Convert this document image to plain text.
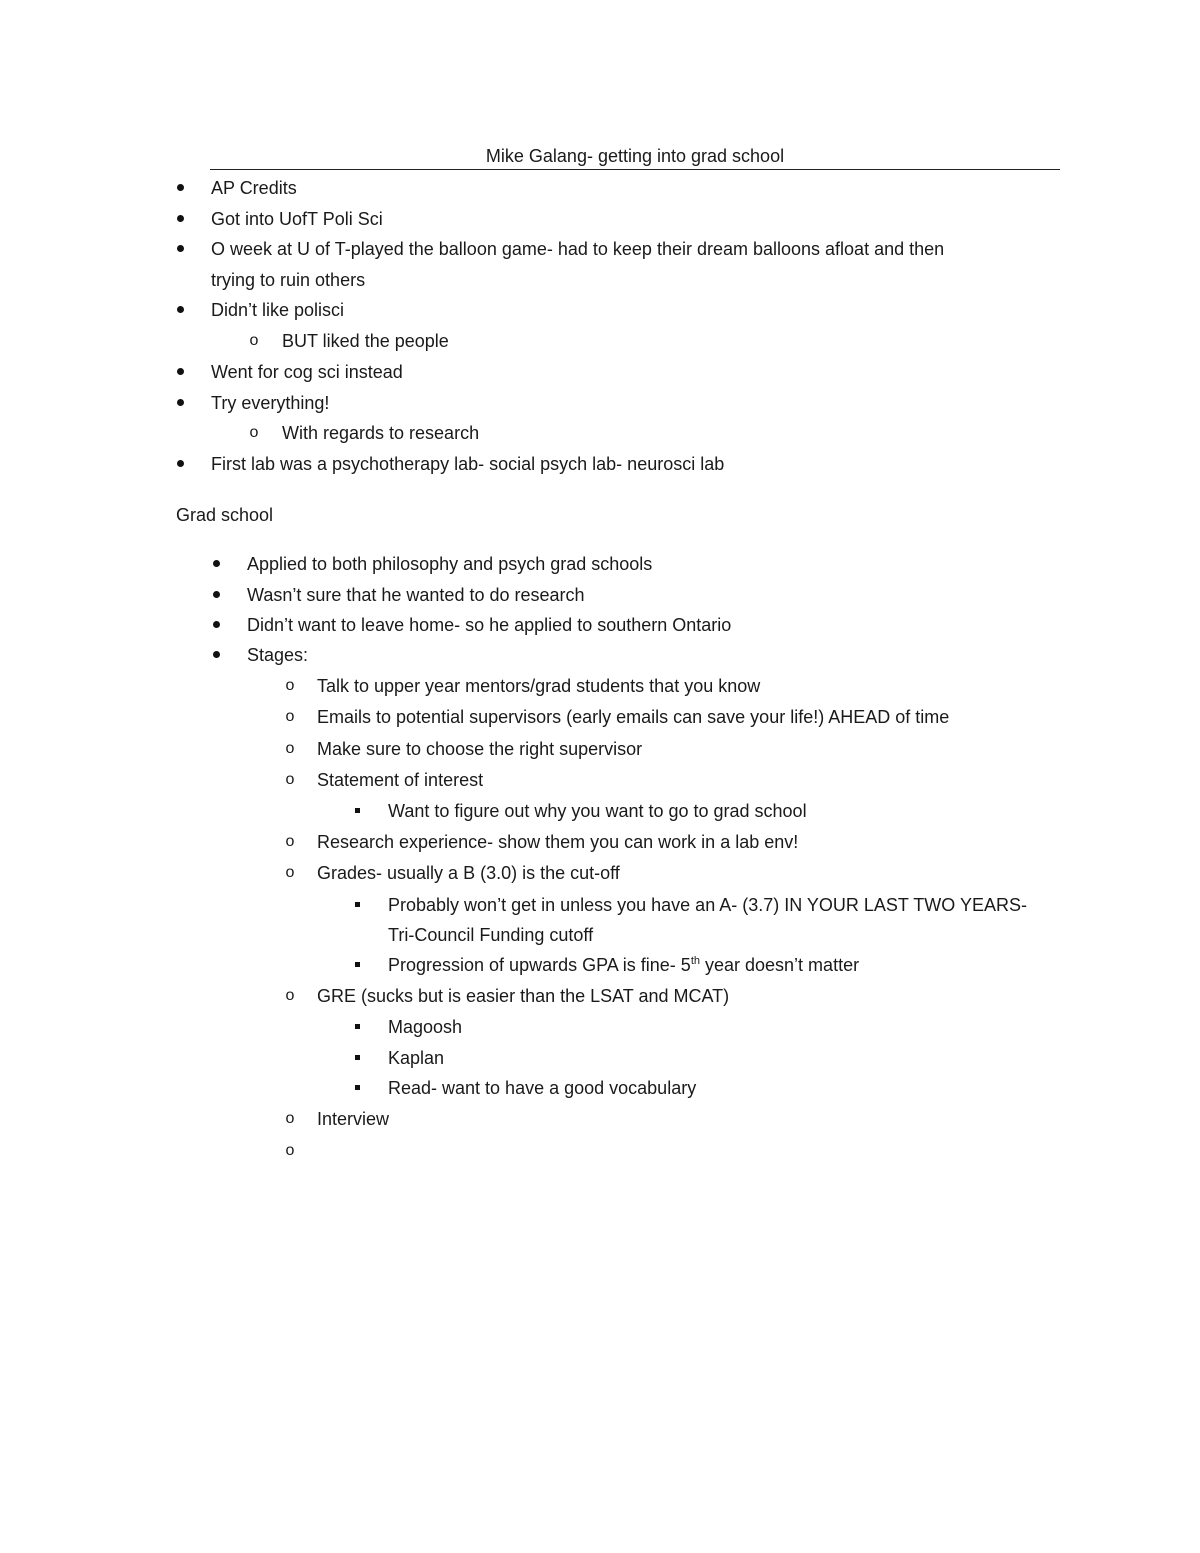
Mike Galang- getting into grad school
AP Credits
Got into UofT Poli Sci
O week at U of T-played the balloon game- had to keep their dream balloons afloat and then
trying to ruin others
Didn’t like polisci
o	BUT liked the people
Went for cog sci instead
Try everything!
o	With regards to research
First lab was a psychotherapy lab- social psych lab- neurosci lab
Grad school
Applied to both philosophy and psych grad schools
Wasn’t sure that he wanted to do research
Didn’t want to leave home- so he applied to southern Ontario
Stages:
o	Talk to upper year mentors/grad students that you know
o	Emails to potential supervisors (early emails can save your life!) AHEAD of time
o	Make sure to choose the right supervisor
o	Statement of interest
Want to figure out why you want to go to grad school
o	Research experience- show them you can work in a lab env!
o	Grades- usually a B (3.0) is the cut-off
Probably won’t get in unless you have an A- (3.7) IN YOUR LAST TWO YEARS-
Tri-Council Funding cutoff
Progression of upwards GPA is fine- 5th year doesn’t matter
o	GRE (sucks but is easier than the LSAT and MCAT)
Magoosh
Kaplan
Read- want to have a good vocabulary
o	Interview
o
